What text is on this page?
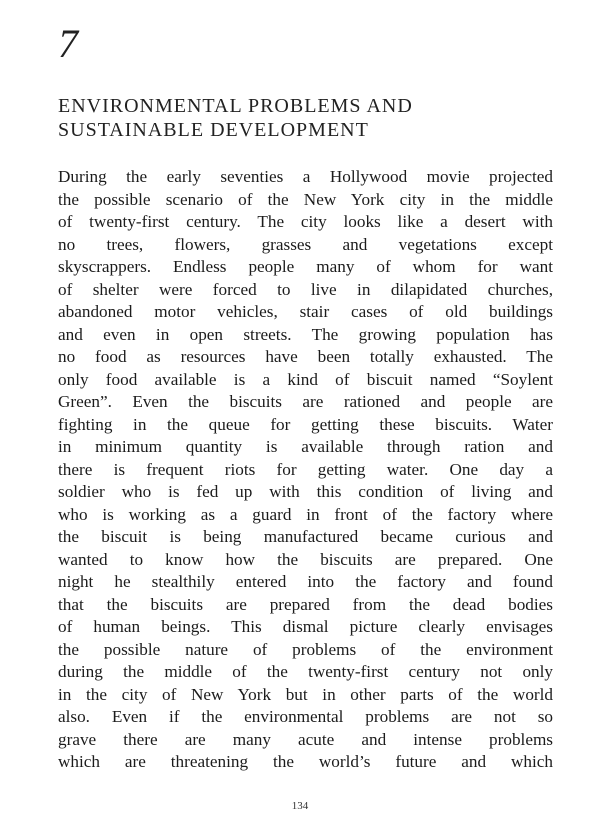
7
ENVIRONMENTAL PROBLEMS AND
SUSTAINABLE DEVELOPMENT
During the early seventies a Hollywood movie projected
the possible scenario of the New York city in the middle
of twenty-first century. The city looks like a desert with
no trees, flowers, grasses and vegetations except
skyscrappers. Endless people many of whom for want
of shelter were forced to live in dilapidated churches,
abandoned motor vehicles, stair cases of old buildings
and even in open streets. The growing population has
no food as resources have been totally exhausted. The
only food available is a kind of biscuit named “Soylent
Green”. Even the biscuits are rationed and people are
fighting in the queue for getting these biscuits. Water
in minimum quantity is available through ration and
there is frequent riots for getting water. One day a
soldier who is fed up with this condition of living and
who is working as a guard in front of the factory where
the biscuit is being manufactured became curious and
wanted to know how the biscuits are prepared. One
night he stealthily entered into the factory and found
that the biscuits are prepared from the dead bodies
of human beings. This dismal picture clearly envisages
the possible nature of problems of the environment
during the middle of the twenty-first century not only
in the city of New York but in other parts of the world
also. Even if the environmental problems are not so
grave there are many acute and intense problems
which are threatening the world’s future and which
134
